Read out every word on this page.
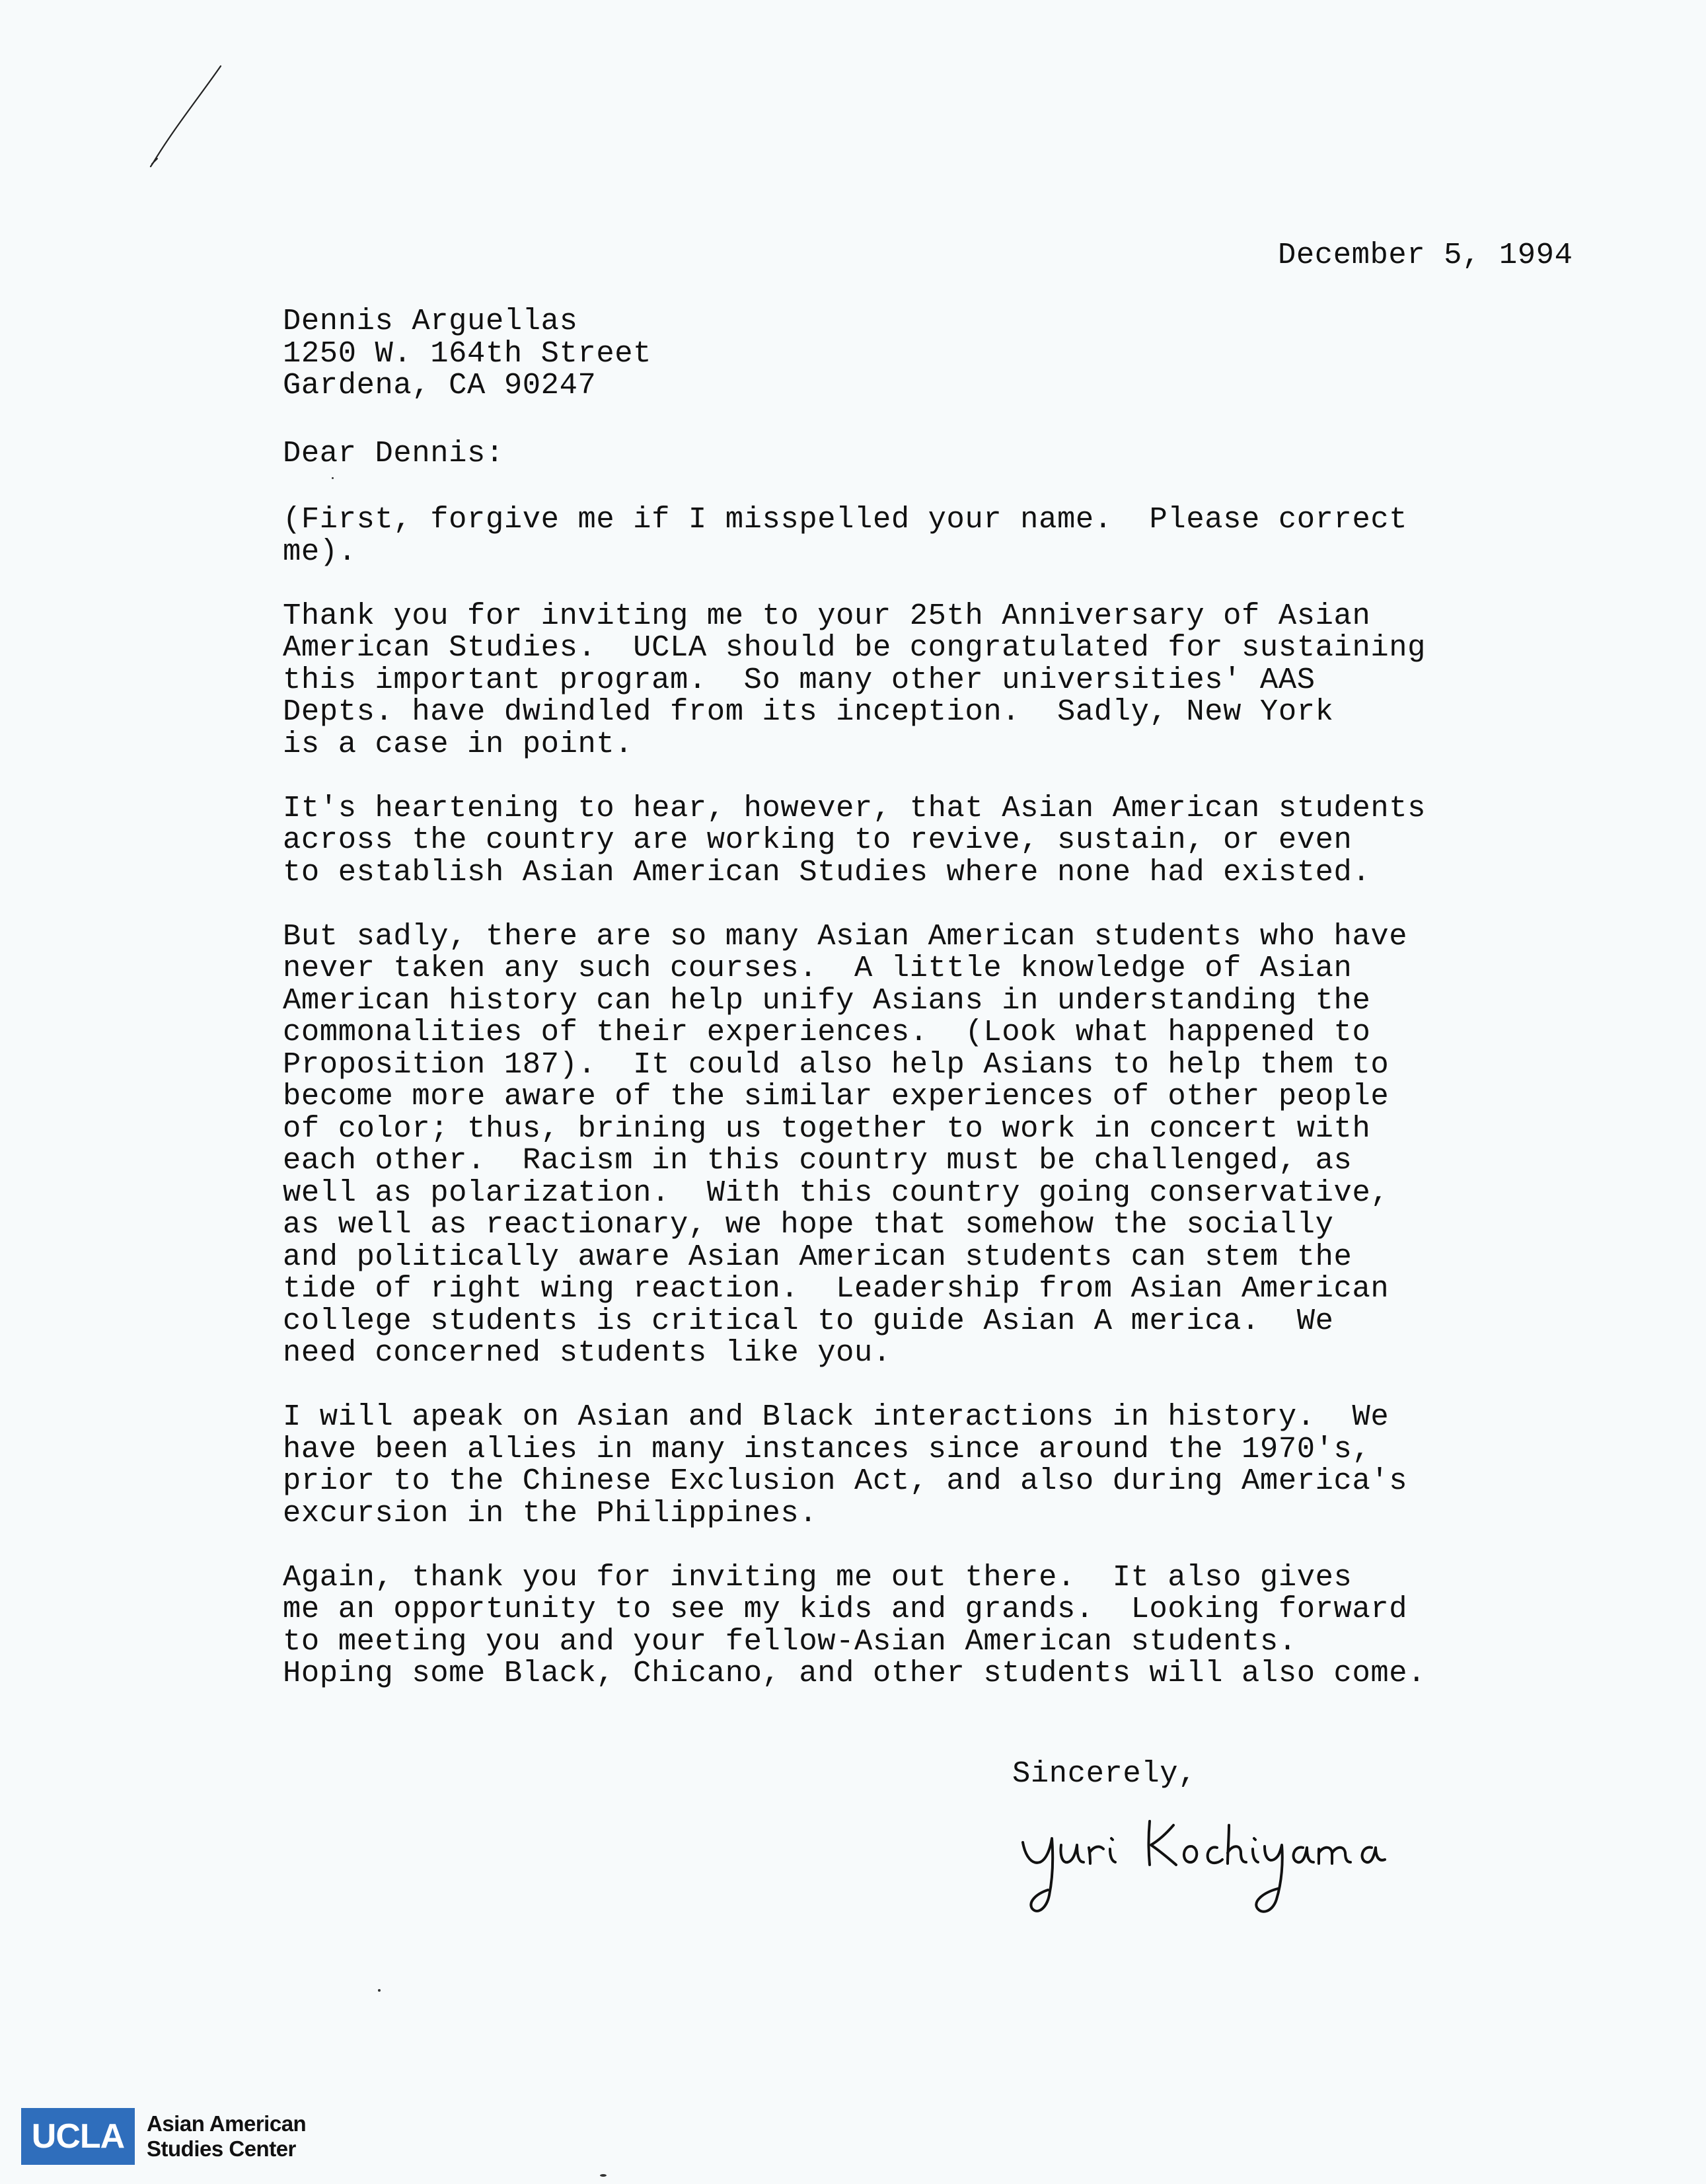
December 5, 1994
Dennis Arguellas
1250 W. 164th Street
Gardena, CA 90247
Dear Dennis:
(First, forgive me if I misspelled your name.  Please correct
me).
Thank you for inviting me to your 25th Anniversary of Asian
American Studies.  UCLA should be congratulated for sustaining
this important program.  So many other universities' AAS
Depts. have dwindled from its inception.  Sadly, New York
is a case in point.
It's heartening to hear, however, that Asian American students
across the country are working to revive, sustain, or even
to establish Asian American Studies where none had existed.
But sadly, there are so many Asian American students who have
never taken any such courses.  A little knowledge of Asian
American history can help unify Asians in understanding the
commonalities of their experiences.  (Look what happened to
Proposition 187).  It could also help Asians to help them to
become more aware of the similar experiences of other people
of color; thus, brining us together to work in concert with
each other.  Racism in this country must be challenged, as
well as polarization.  With this country going conservative,
as well as reactionary, we hope that somehow the socially
and politically aware Asian American students can stem the
tide of right wing reaction.  Leadership from Asian American
college students is critical to guide Asian A merica.  We
need concerned students like you.
I will apeak on Asian and Black interactions in history.  We
have been allies in many instances since around the 1970's,
prior to the Chinese Exclusion Act, and also during America's
excursion in the Philippines.
Again, thank you for inviting me out there.  It also gives
me an opportunity to see my kids and grands.  Looking forward
to meeting you and your fellow-Asian American students.
Hoping some Black, Chicano, and other students will also come.
Sincerely,
UCLA	Asian American
Studies Center
